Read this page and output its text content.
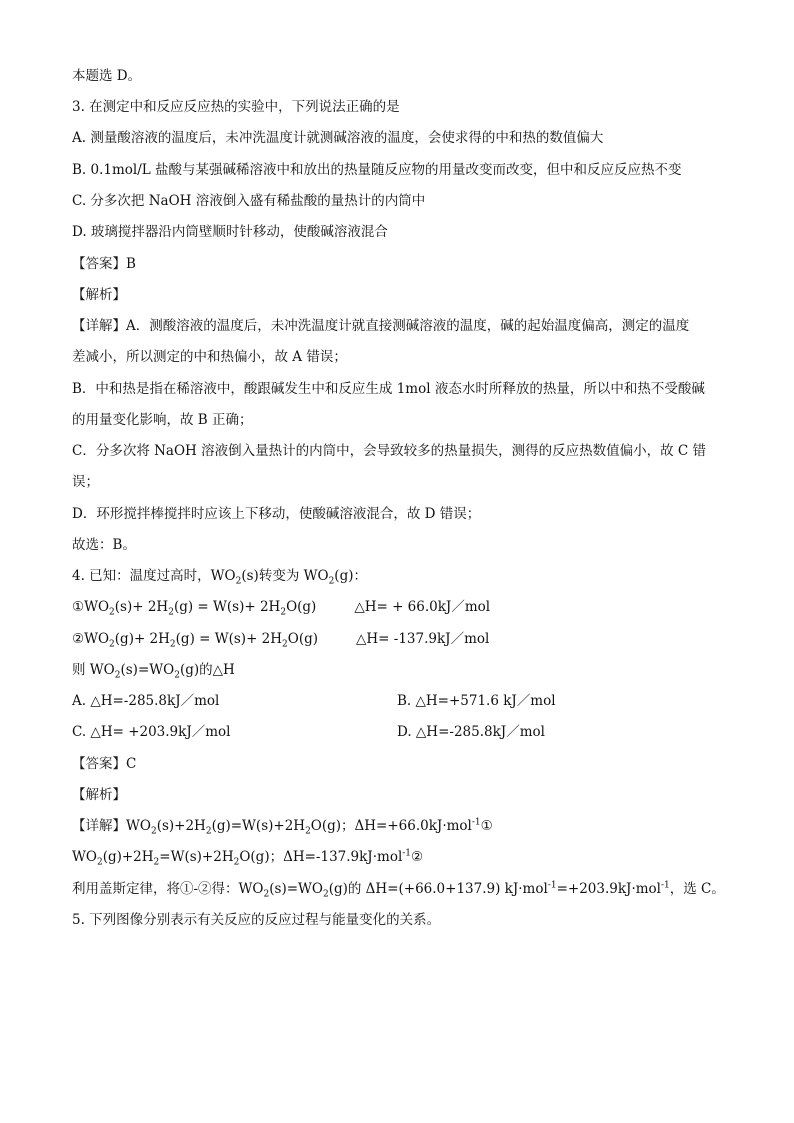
本题选 D。
3. 在测定中和反应反应热的实验中，下列说法正确的是
A. 测量酸溶液的温度后，未冲洗温度计就测碱溶液的温度，会使求得的中和热的数值偏大
B. 0.1mol/L 盐酸与某强碱稀溶液中和放出的热量随反应物的用量改变而改变，但中和反应反应热不变
C. 分多次把 NaOH 溶液倒入盛有稀盐酸的量热计的内筒中
D. 玻璃搅拌器沿内筒壁顺时针移动，使酸碱溶液混合
【答案】B
【解析】
【详解】A．测酸溶液的温度后，未冲洗温度计就直接测碱溶液的温度，碱的起始温度偏高，测定的温度
差减小，所以测定的中和热偏小，故 A 错误；
B．中和热是指在稀溶液中，酸跟碱发生中和反应生成 1mol 液态水时所释放的热量，所以中和热不受酸碱
的用量变化影响，故 B 正确；
C．分多次将 NaOH 溶液倒入量热计的内筒中，会导致较多的热量损失，测得的反应热数值偏小，故 C 错
误；
D．环形搅拌棒搅拌时应该上下移动，使酸碱溶液混合，故 D 错误；
故选：B。
4. 已知：温度过高时，$WO_2(s)$转变为 $WO_2(g)$：
$①WO_2(s)+ 2H_2(g) = W(s)+ 2H_2O(g)$	△H= + 66.0kJ／mol
$②WO_2(g)+ 2H_2(g) = W(s)+ 2H_2O(g)$	△H= -137.9kJ／mol
则 $WO_2(s)=WO_2(g)$的△H
A. △H=-285.8kJ／mol	B. △H=+571.6 kJ／mol
C. △H= +203.9kJ／mol	D. △H=-285.8kJ／mol
【答案】C
【解析】
【详解】$WO_2(s)+2H_2(g)=W(s)+2H_2O(g)$；ΔH=+66.0kJ·mol$^{-1}$①
$WO_2(g)+2H_2=W(s)+2H_2O(g)$；ΔH=-137.9kJ·mol$^{-1}$②
利用盖斯定律，将①-②得：$WO_2(s)=WO_2(g)$的 ΔH=(+66.0+137.9) kJ·mol$^{-1}$=+203.9kJ·mol$^{-1}$，选 C。
5. 下列图像分别表示有关反应的反应过程与能量变化的关系。
